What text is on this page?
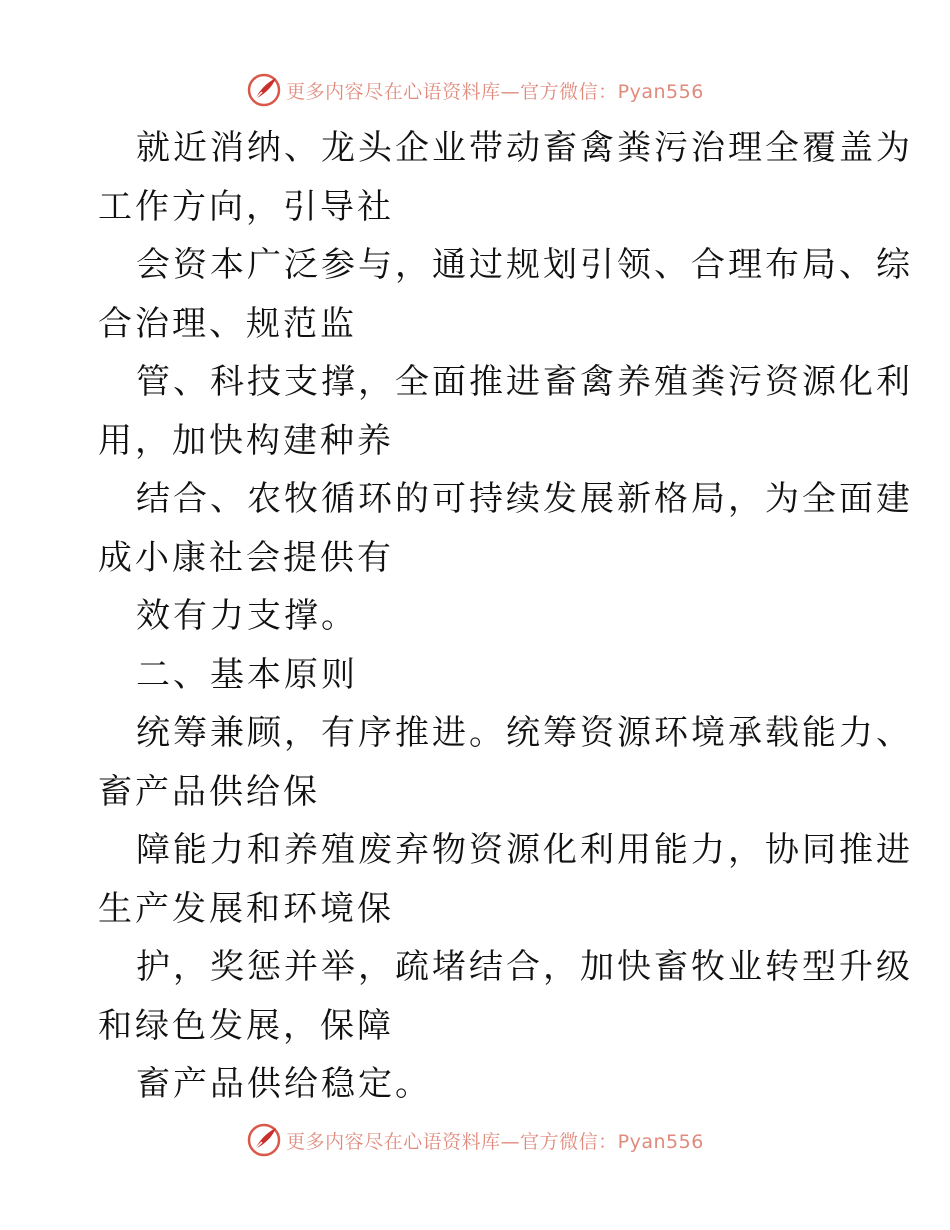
更多内容尽在心语资料库—官方微信：Pyan556
就近消纳、龙头企业带动畜禽粪污治理全覆盖为
工作方向，引导社
会资本广泛参与，通过规划引领、合理布局、综
合治理、规范监
管、科技支撑，全面推进畜禽养殖粪污资源化利
用，加快构建种养
结合、农牧循环的可持续发展新格局，为全面建
成小康社会提供有
效有力支撑。
二、基本原则
统筹兼顾，有序推进。统筹资源环境承载能力、
畜产品供给保
障能力和养殖废弃物资源化利用能力，协同推进
生产发展和环境保
护，奖惩并举，疏堵结合，加快畜牧业转型升级
和绿色发展，保障
畜产品供给稳定。
更多内容尽在心语资料库—官方微信：Pyan556
